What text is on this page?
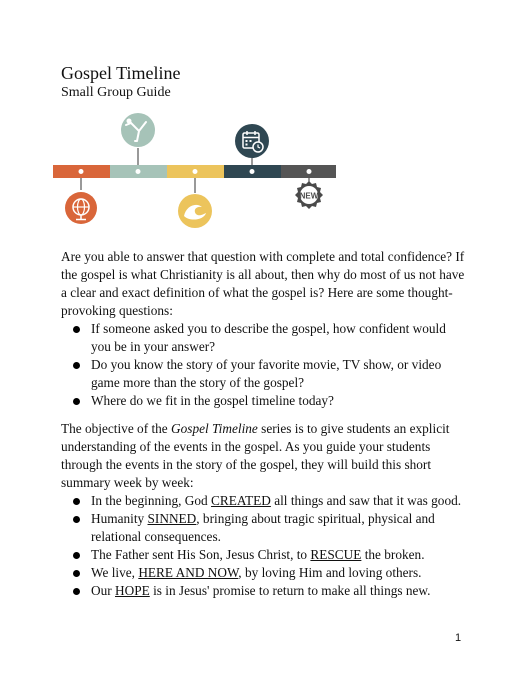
Gospel Timeline
Small Group Guide
NEW

Are you able to answer that question with complete and total confidence? If the gospel is what Christianity is all about, then why do most of us not have a clear and exact definition of what the gospel is? Here are some thought-provoking questions:

If someone asked you to describe the gospel, how confident would you be in your answer?
Do you know the story of your favorite movie, TV show, or video game more than the story of the gospel?
Where do we fit in the gospel timeline today?

The objective of the Gospel Timeline series is to give students an explicit understanding of the events in the gospel. As you guide your students through the events in the story of the gospel, they will build this short summary week by week:

In the beginning, God CREATED all things and saw that it was good.
Humanity SINNED, bringing about tragic spiritual, physical and relational consequences.
The Father sent His Son, Jesus Christ, to RESCUE the broken.
We live, HERE AND NOW, by loving Him and loving others.
Our HOPE is in Jesus' promise to return to make all things new.
1
